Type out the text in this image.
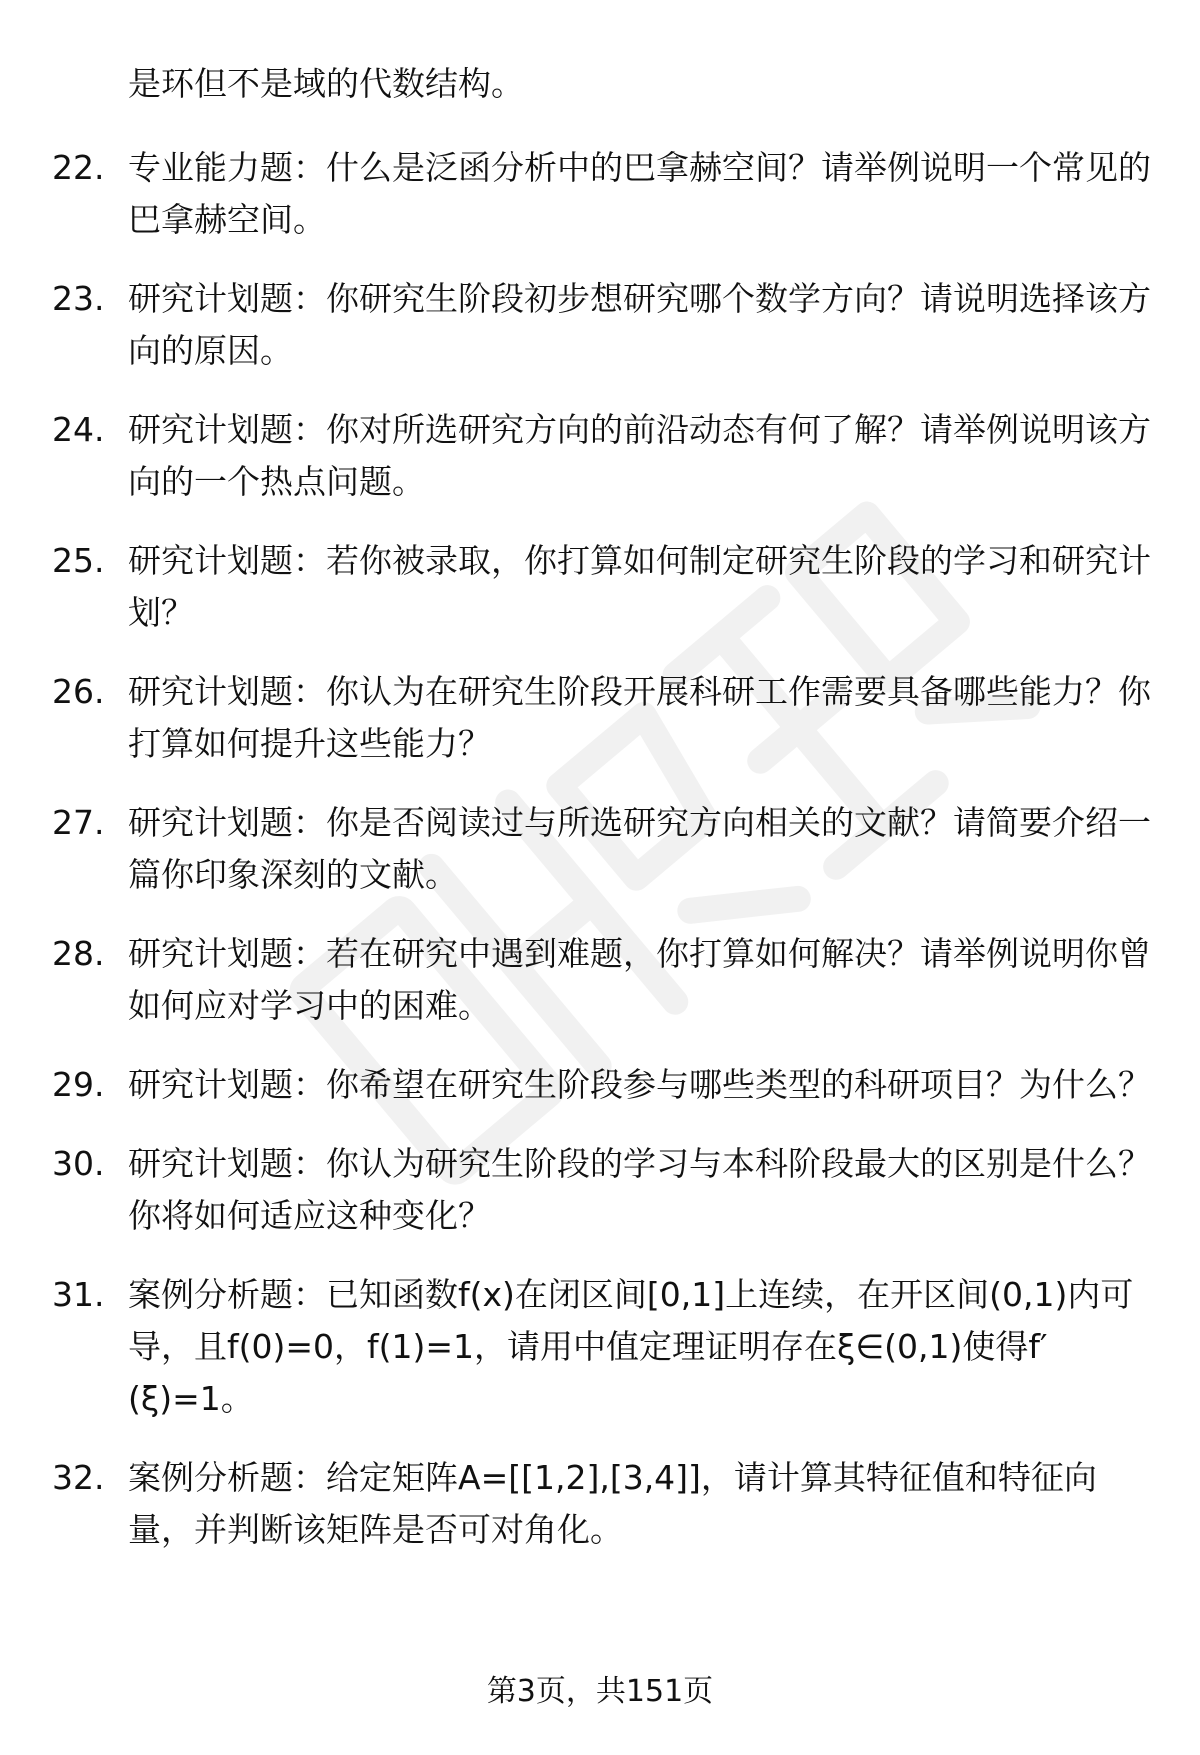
是环但不是域的代数结构。

22. 专业能力题：什么是泛函分析中的巴拿赫空间？请举例说明一个常见的巴拿赫空间。
23. 研究计划题：你研究生阶段初步想研究哪个数学方向？请说明选择该方向的原因。
24. 研究计划题：你对所选研究方向的前沿动态有何了解？请举例说明该方向的一个热点问题。
25. 研究计划题：若你被录取，你打算如何制定研究生阶段的学习和研究计划？
26. 研究计划题：你认为在研究生阶段开展科研工作需要具备哪些能力？你打算如何提升这些能力？
27. 研究计划题：你是否阅读过与所选研究方向相关的文献？请简要介绍一篇你印象深刻的文献。
28. 研究计划题：若在研究中遇到难题，你打算如何解决？请举例说明你曾如何应对学习中的困难。
29. 研究计划题：你希望在研究生阶段参与哪些类型的科研项目？为什么？
30. 研究计划题：你认为研究生阶段的学习与本科阶段最大的区别是什么？你将如何适应这种变化？
31. 案例分析题：已知函数f(x)在闭区间[0,1]上连续，在开区间(0,1)内可导，且f(0)=0，f(1)=1，请用中值定理证明存在ξ∈(0,1)使得f′(ξ)=1。
32. 案例分析题：给定矩阵A=[[1,2],[3,4]]，请计算其特征值和特征向量，并判断该矩阵是否可对角化。
第3页，共151页
